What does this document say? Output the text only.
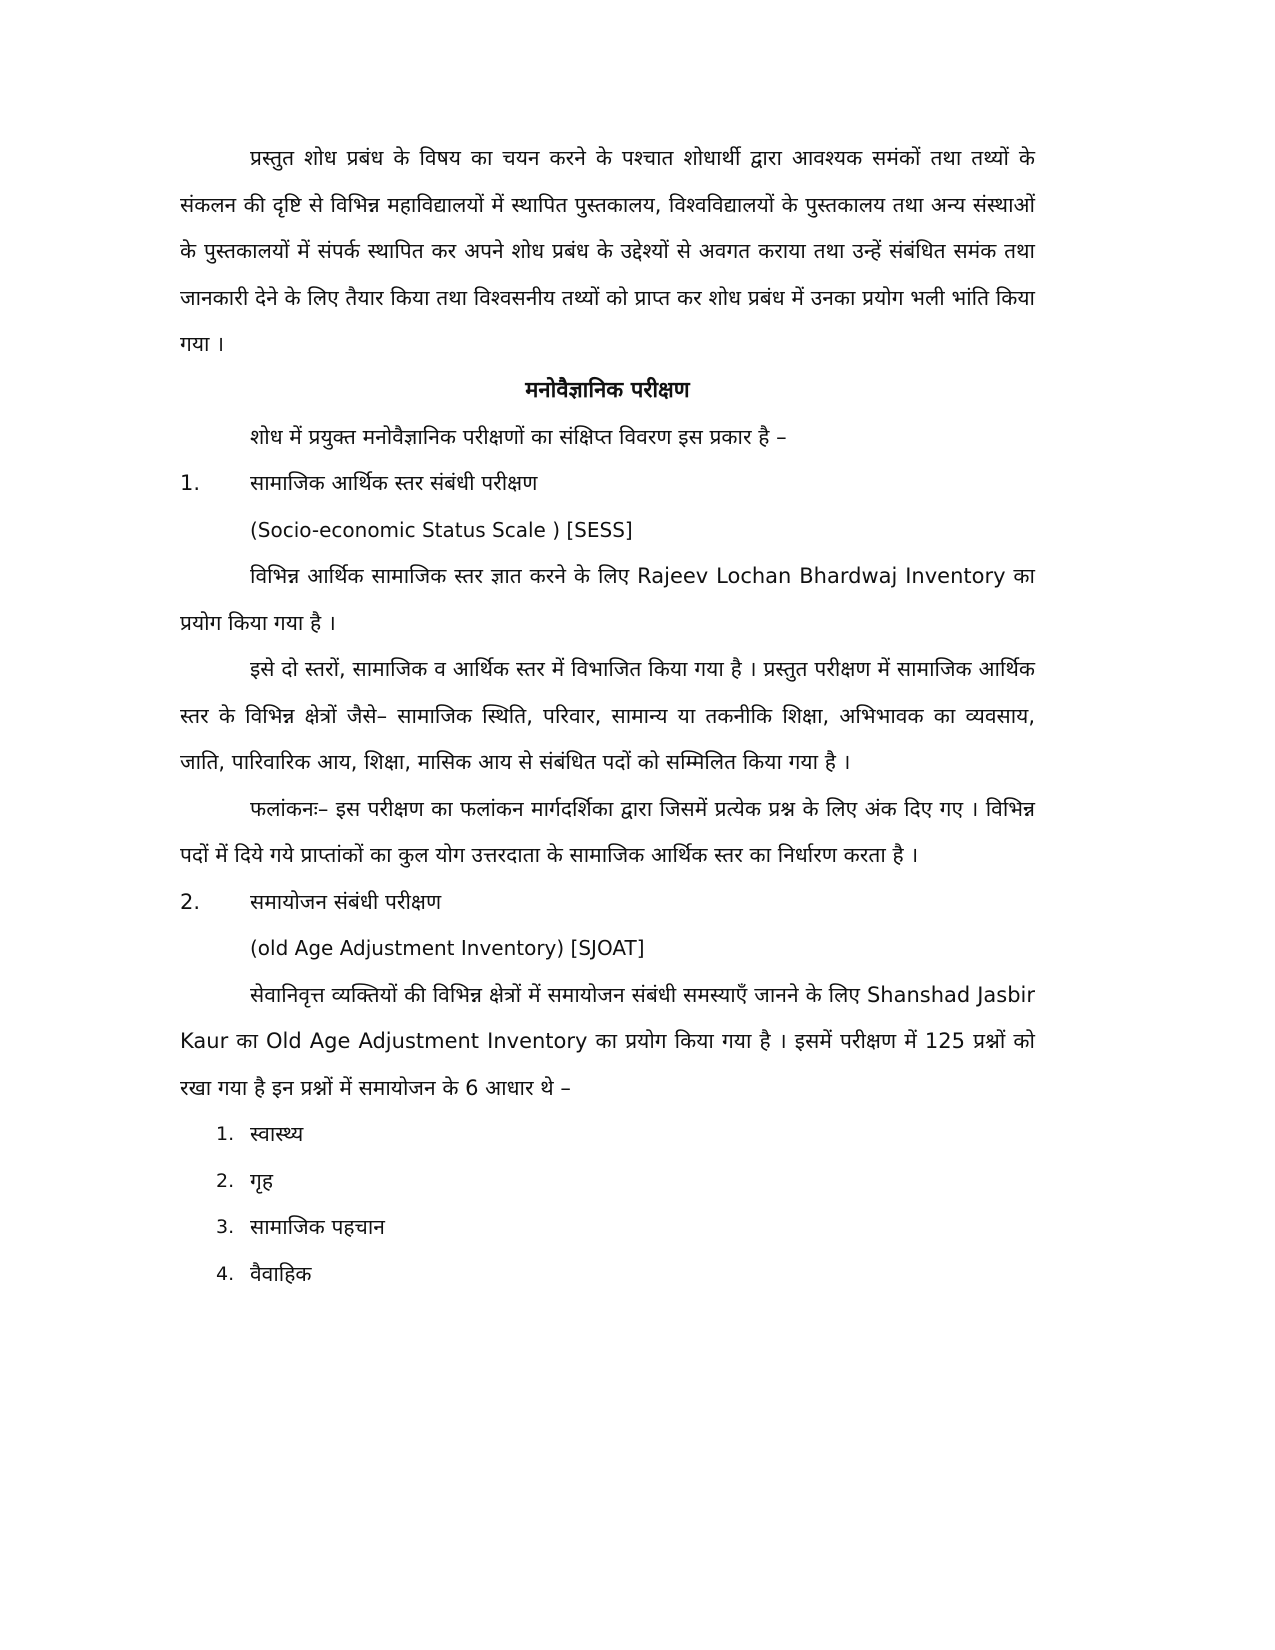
प्रस्तुत शोध प्रबंध के विषय का चयन करने के पश्चात शोधार्थी द्वारा आवश्यक समंकों तथा तथ्यों के संकलन की दृष्टि से विभिन्न महाविद्यालयों में स्थापित पुस्तकालय, विश्वविद्यालयों के पुस्तकालय तथा अन्य संस्थाओं के पुस्तकालयों में संपर्क स्थापित कर अपने शोध प्रबंध के उद्देश्यों से अवगत कराया तथा उन्हें संबंधित समंक तथा जानकारी देने के लिए तैयार किया तथा विश्वसनीय तथ्यों को प्राप्त कर शोध प्रबंध में उनका प्रयोग भली भांति किया गया ।

मनोवैज्ञानिक परीक्षण

शोध में प्रयुक्त मनोवैज्ञानिक परीक्षणों का संक्षिप्त विवरण इस प्रकार है –

1. सामाजिक आर्थिक स्तर संबंधी परीक्षण

(Socio-economic Status Scale ) [SESS]

विभिन्न आर्थिक सामाजिक स्तर ज्ञात करने के लिए Rajeev Lochan Bhardwaj Inventory का प्रयोग किया गया है ।

इसे दो स्तरों, सामाजिक व आर्थिक स्तर में विभाजित किया गया है । प्रस्तुत परीक्षण में सामाजिक आर्थिक स्तर के विभिन्न क्षेत्रों जैसे– सामाजिक स्थिति, परिवार, सामान्य या तकनीकि शिक्षा, अभिभावक का व्यवसाय, जाति, पारिवारिक आय, शिक्षा, मासिक आय से संबंधित पदों को सम्मिलित किया गया है ।

फलांकनः– इस परीक्षण का फलांकन मार्गदर्शिका द्वारा जिसमें प्रत्येक प्रश्न के लिए अंक दिए गए । विभिन्न पदों में दिये गये प्राप्तांकों का कुल योग उत्तरदाता के सामाजिक आर्थिक स्तर का निर्धारण करता है ।

2. समायोजन संबंधी परीक्षण

(old Age Adjustment Inventory) [SJOAT]

सेवानिवृत्त व्यक्तियों की विभिन्न क्षेत्रों में समायोजन संबंधी समस्याएँ जानने के लिए Shanshad Jasbir Kaur का Old Age Adjustment Inventory का प्रयोग किया गया है । इसमें परीक्षण में 125 प्रश्नों को रखा गया है इन प्रश्नों में समायोजन के 6 आधार थे –

1. स्वास्थ्य
2. गृह
3. सामाजिक पहचान
4. वैवाहिक
